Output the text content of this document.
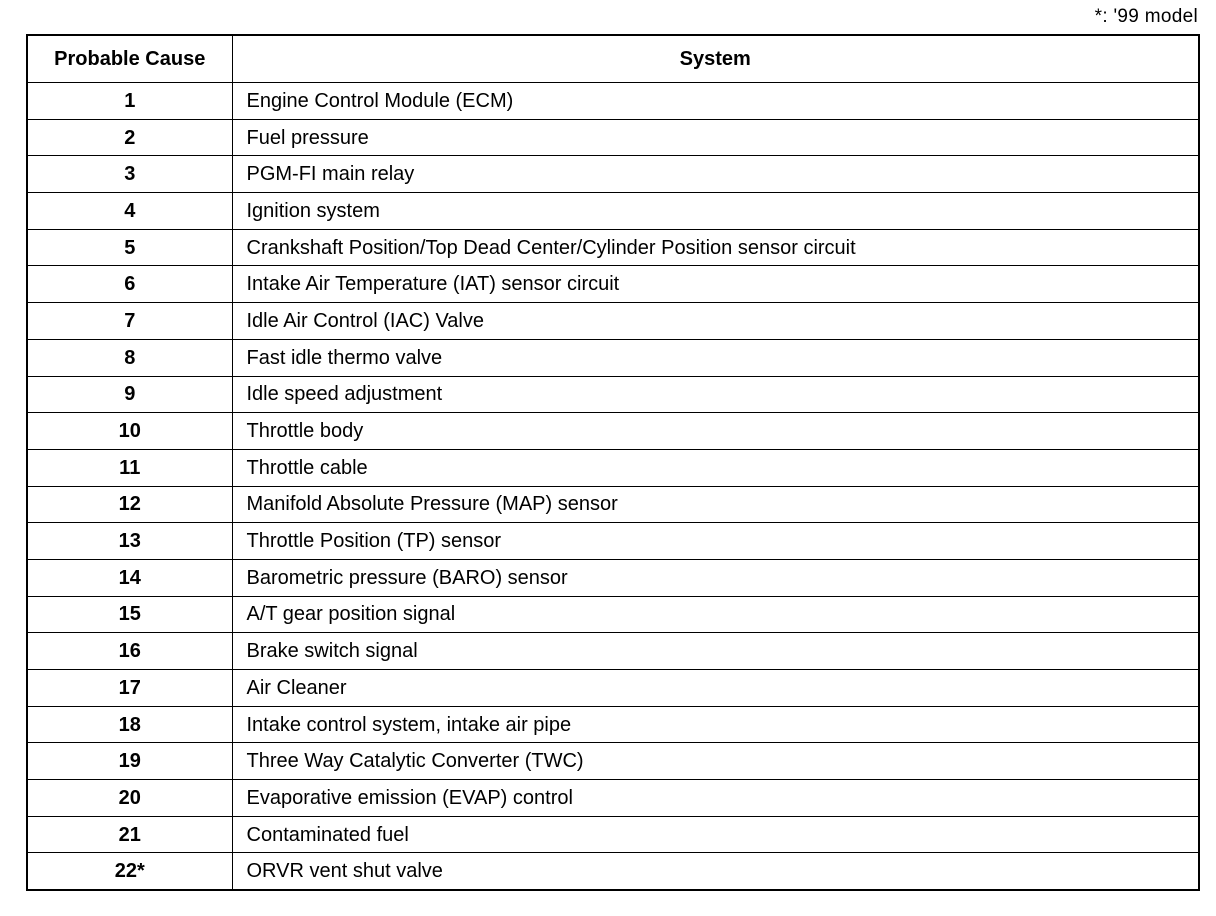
*: '99 model
Probable Cause	System
1	Engine Control Module (ECM)
2	Fuel pressure
3	PGM-FI main relay
4	Ignition system
5	Crankshaft Position/Top Dead Center/Cylinder Position sensor circuit
6	Intake Air Temperature (IAT) sensor circuit
7	Idle Air Control (IAC) Valve
8	Fast idle thermo valve
9	Idle speed adjustment
10	Throttle body
11	Throttle cable
12	Manifold Absolute Pressure (MAP) sensor
13	Throttle Position (TP) sensor
14	Barometric pressure (BARO) sensor
15	A/T gear position signal
16	Brake switch signal
17	Air Cleaner
18	Intake control system, intake air pipe
19	Three Way Catalytic Converter (TWC)
20	Evaporative emission (EVAP) control
21	Contaminated fuel
22*	ORVR vent shut valve
